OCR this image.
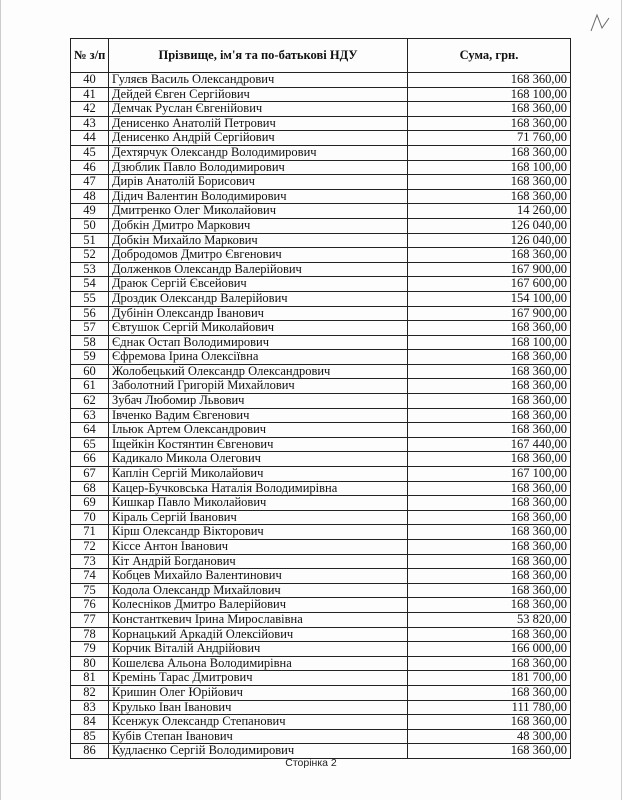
№ з/п	Прізвище, ім'я та по-батькові НДУ	Сума, грн.
40	Гуляєв Василь Олександрович	168 360,00
41	Дейдей Євген Сергійович	168 100,00
42	Демчак Руслан Євгенійович	168 360,00
43	Денисенко Анатолій Петрович	168 360,00
44	Денисенко Андрій Сергійович	71 760,00
45	Дехтярчук Олександр Володимирович	168 360,00
46	Дзюблик Павло Володимирович	168 100,00
47	Дирів Анатолій Борисович	168 360,00
48	Дідич Валентин Володимирович	168 360,00
49	Дмитренко Олег Миколайович	14 260,00
50	Добкін Дмитро Маркович	126 040,00
51	Добкін Михайло Маркович	126 040,00
52	Добродомов Дмитро Євгенович	168 360,00
53	Долженков Олександр Валерійович	167 900,00
54	Драюк Сергій Євсейович	167 600,00
55	Дроздик Олександр Валерійович	154 100,00
56	Дубінін Олександр Іванович	167 900,00
57	Євтушок Сергій Миколайович	168 360,00
58	Єднак Остап Володимирович	168 100,00
59	Єфремова Ірина Олексіївна	168 360,00
60	Жолобецький Олександр Олександрович	168 360,00
61	Заболотний Григорій Михайлович	168 360,00
62	Зубач Любомир Львович	168 360,00
63	Івченко Вадим Євгенович	168 360,00
64	Ільюк Артем Олександрович	168 360,00
65	Іщейкін Костянтин Євгенович	167 440,00
66	Кадикало Микола Олегович	168 360,00
67	Каплін Сергій Миколайович	167 100,00
68	Кацер-Бучковська Наталія Володимирівна	168 360,00
69	Кишкар Павло Миколайович	168 360,00
70	Кіраль Сергій Іванович	168 360,00
71	Кірш Олександр Вікторович	168 360,00
72	Кіссе Антон Іванович	168 360,00
73	Кіт Андрій Богданович	168 360,00
74	Кобцев Михайло Валентинович	168 360,00
75	Кодола Олександр Михайлович	168 360,00
76	Колесніков Дмитро Валерійович	168 360,00
77	Константкевич Ірина Мирославівна	53 820,00
78	Корнацький Аркадій Олексійович	168 360,00
79	Корчик Віталій Андрійович	166 000,00
80	Кошелєва Альона Володимирівна	168 360,00
81	Кремінь Тарас Дмитрович	181 700,00
82	Кришин Олег Юрійович	168 360,00
83	Крулько Іван Іванович	111 780,00
84	Ксенжук Олександр Степанович	168 360,00
85	Кубів Степан Іванович	48 300,00
86	Кудлаєнко Сергій Володимирович	168 360,00
Сторінка 2
